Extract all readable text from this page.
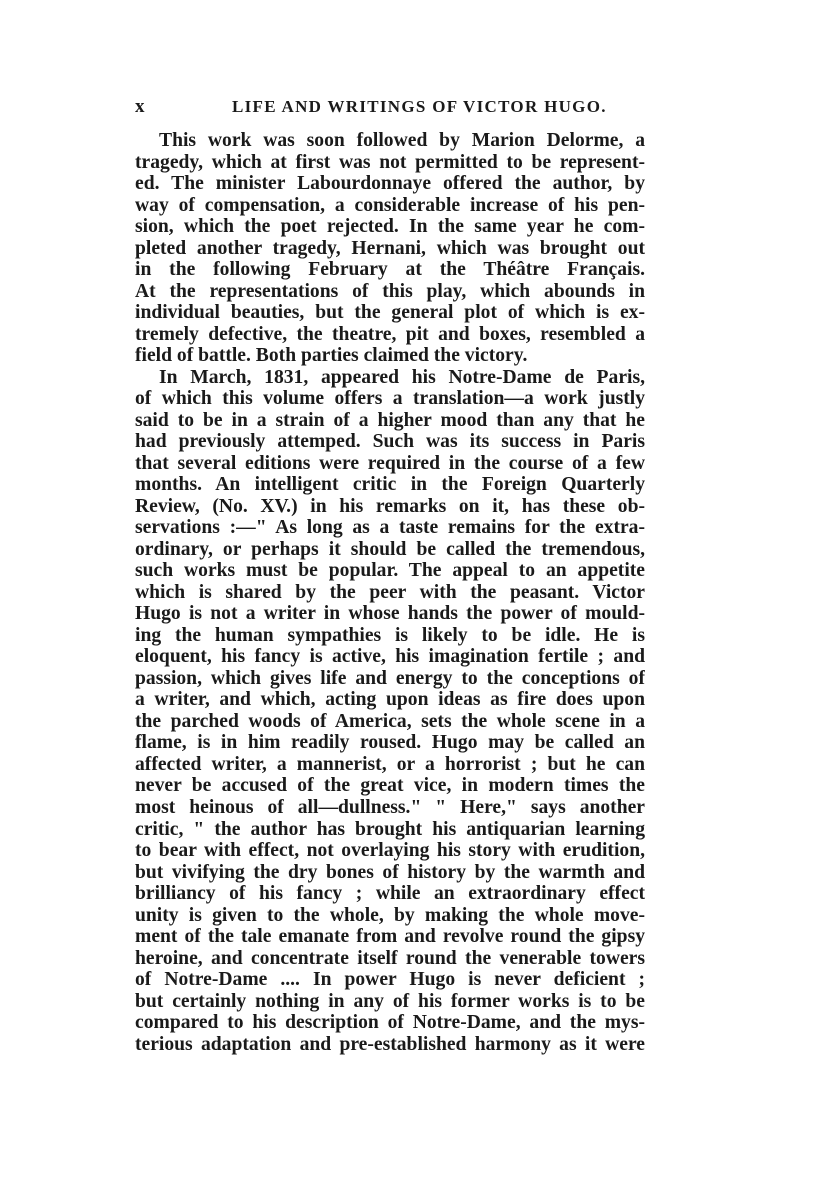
x	LIFE AND WRITINGS OF VICTOR HUGO.
This work was soon followed by Marion Delorme, a
tragedy, which at first was not permitted to be represent-
ed. The minister Labourdonnaye offered the author, by
way of compensation, a considerable increase of his pen-
sion, which the poet rejected. In the same year he com-
pleted another tragedy, Hernani, which was brought out
in the following February at the Théâtre Français.
At the representations of this play, which abounds in
individual beauties, but the general plot of which is ex-
tremely defective, the theatre, pit and boxes, resembled a
field of battle. Both parties claimed the victory.
In March, 1831, appeared his Notre-Dame de Paris,
of which this volume offers a translation—a work justly
said to be in a strain of a higher mood than any that he
had previously attemped. Such was its success in Paris
that several editions were required in the course of a few
months. An intelligent critic in the Foreign Quarterly
Review, (No. XV.) in his remarks on it, has these ob-
servations :—" As long as a taste remains for the extra-
ordinary, or perhaps it should be called the tremendous,
such works must be popular. The appeal to an appetite
which is shared by the peer with the peasant. Victor
Hugo is not a writer in whose hands the power of mould-
ing the human sympathies is likely to be idle. He is
eloquent, his fancy is active, his imagination fertile ; and
passion, which gives life and energy to the conceptions of
a writer, and which, acting upon ideas as fire does upon
the parched woods of America, sets the whole scene in a
flame, is in him readily roused. Hugo may be called an
affected writer, a mannerist, or a horrorist ; but he can
never be accused of the great vice, in modern times the
most heinous of all—dullness." " Here," says another
critic, " the author has brought his antiquarian learning
to bear with effect, not overlaying his story with erudition,
but vivifying the dry bones of history by the warmth and
brilliancy of his fancy ; while an extraordinary effect
unity is given to the whole, by making the whole move-
ment of the tale emanate from and revolve round the gipsy
heroine, and concentrate itself round the venerable towers
of Notre-Dame .... In power Hugo is never deficient ;
but certainly nothing in any of his former works is to be
compared to his description of Notre-Dame, and the mys-
terious adaptation and pre-established harmony as it were
